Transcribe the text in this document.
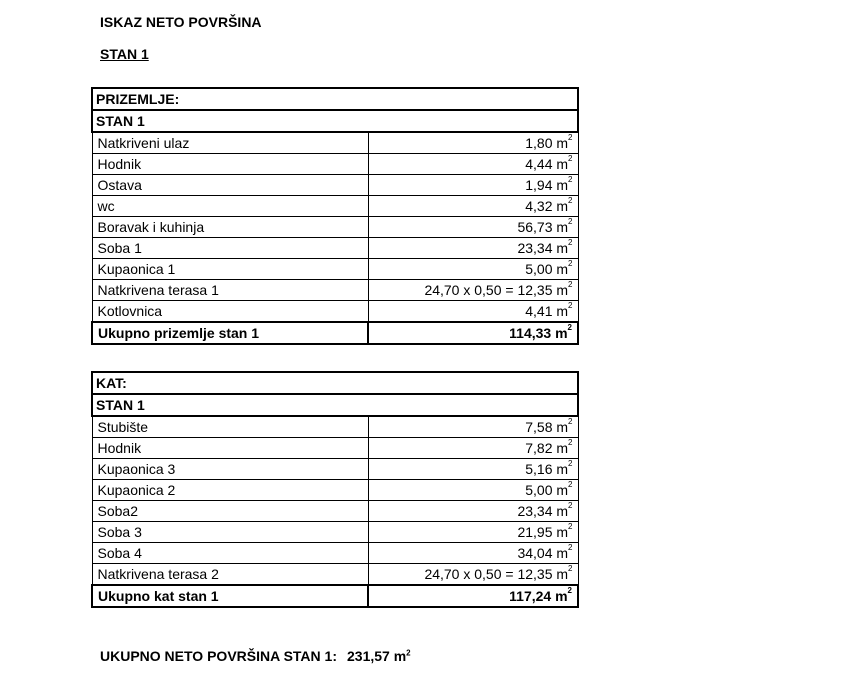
ISKAZ NETO POVRŠINA
STAN 1
PRIZEMLJE:	
STAN 1	
Natkriveni ulaz	1,80 $m^2$
Hodnik	4,44 $m^2$
Ostava	1,94 $m^2$
wc	4,32 $m^2$
Boravak i kuhinja	56,73 $m^2$
Soba 1	23,34 $m^2$
Kupaonica 1	5,00 $m^2$
Natkrivena terasa 1	24,70 x 0,50 = 12,35 $m^2$
Kotlovnica	4,41 $m^2$
Ukupno prizemlje stan 1	114,33 $m^2$
KAT:	
STAN 1	
Stubište	7,58 $m^2$
Hodnik	7,82 $m^2$
Kupaonica 3	5,16 $m^2$
Kupaonica 2	5,00 $m^2$
Soba2	23,34 $m^2$
Soba 3	21,95 $m^2$
Soba 4	34,04 $m^2$
Natkrivena terasa 2	24,70 x 0,50 = 12,35 $m^2$
Ukupno kat stan 1	117,24 $m^2$
UKUPNO NETO POVRŠINA STAN 1: 231,57 $m^2$
